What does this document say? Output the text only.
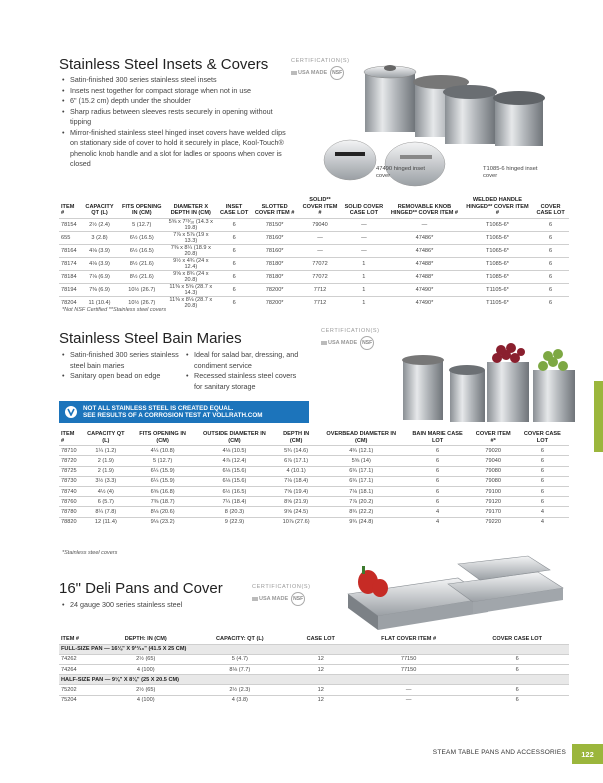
Stainless Steel Insets & Covers
• Satin-finished 300 series stainless steel insets
• Insets nest together for compact storage when not in use
• 6" (15.2 cm) depth under the shoulder
• Sharp radius between sleeves rests securely in opening without tipping
• Mirror-finished stainless steel hinged inset covers have welded clips on stationary side of cover to hold it securely in place, Kool-Touch® phenolic knob handle and a slot for ladles or spoons when cover is closed
CERTIFICATION(S)
USA MADE	NSF
47490 hinged inset cover
T1085-6 hinged inset cover
ITEM #	CAPACITY QT (L)	FITS OPENING IN (CM)	DIAMETER X DEPTH IN (CM)	INSET CASE LOT	SLOTTED COVER ITEM #	SOLID** COVER ITEM #	SOLID COVER CASE LOT	REMOVABLE KNOB HINGED** COVER ITEM #	WELDED HANDLE HINGED** COVER ITEM #	COVER CASE LOT
78154	2½ (2.4)	5 (12.7)	5⅝ x 7¹³⁄₁₆ (14.3 x 19.8)	6	78150*	79040	—	—	T1065-6*	6
655	3 (2.8)	6½ (16.5)	7⅞ x 5⅞ (19 x 13.3)	6	78160*	—	—	47486*	T1065-6*	6
78164	4⅛ (3.9)	6½ (16.5)	7⅜ x 8¼ (18.9 x 20.8)	6	78160*	—	—	47486*	T1065-6*	6
78174	4⅛ (3.9)	8½ (21.6)	9½ x 4¾ (24 x 12.4)	6	78180*	77072	1	47488*	T1085-6*	6
78184	7⅛ (6.9)	8½ (21.6)	9⅝ x 8¾ (24 x 20.8)	6	78180*	77072	1	47488*	T1085-6*	6
78194	7⅜ (6.9)	10½ (26.7)	11⅜ x 5⅝ (28.7 x 14.3)	6	78200*	7712	1	47490*	T1105-6*	6
78204	11 (10.4)	10½ (26.7)	11⅜ x 8⅛ (28.7 x 20.8)	6	78200*	7712	1	47490*	T1105-6*	6
*Not NSF Certified **Stainless steel covers
Stainless Steel Bain Maries
• Satin-finished 300 series stainless steel bain maries
• Sanitary open bead on edge
• Ideal for salad bar, dressing, and condiment service
• Recessed stainless steel covers for sanitary storage
CERTIFICATION(S)
USA MADE	NSF
NOT ALL STAINLESS STEEL IS CREATED EQUAL.
SEE RESULTS OF A CORROSION TEST AT VOLLRATH.COM
ITEM #	CAPACITY QT (L)	FITS OPENING IN (CM)	OUTSIDE DIAMETER IN (CM)	DEPTH IN (CM)	OVERBEAD DIAMETER IN (CM)	BAIN MARIE CASE LOT	COVER ITEM #*	COVER CASE LOT
78710	1¼ (1.2)	4¼ (10.8)	4⅛ (10.5)	5¾ (14.6)	4¾ (12.1)	6	79020	6
78720	2 (1.9)	5 (12.7)	4⅞ (12.4)	6⅞ (17.1)	5⅝ (14)	6	79040	6
78725	2 (1.9)	6¼ (15.9)	6⅛ (15.6)	4 (10.1)	6¾ (17.1)	6	79080	6
78730	3½ (3.3)	6¼ (15.9)	6⅛ (15.6)	7⅛ (18.4)	6¾ (17.1)	6	79080	6
78740	4½ (4)	6⅝ (16.8)	6½ (16.5)	7⅝ (19.4)	7⅛ (18.1)	6	79100	6
78760	6 (5.7)	7⅜ (18.7)	7¼ (18.4)	8⅝ (21.9)	7⅞ (20.2)	6	79120	6
78780	8¼ (7.8)	8⅛ (20.6)	8 (20.3)	9⅝ (24.5)	8¾ (22.2)	4	79170	4
78820	12 (11.4)	9⅛ (23.2)	9 (22.9)	10⅞ (27.6)	9¾ (24.8)	4	79220	4
*Stainless steel covers
16" Deli Pans and Cover
• 24 gauge 300 series stainless steel
CERTIFICATION(S)
USA MADE	NSF
ITEM #	DEPTH: IN (CM)	CAPACITY: QT (L)	CASE LOT	FLAT COVER ITEM #	COVER CASE LOT
FULL-SIZE PAN — 16⅛" X 9¹³⁄₁₆" (41.5 X 25 CM)					
74262	2½ (65)	5 (4.7)	12	77150	6
74264	4 (100)	8⅛ (7.7)	12	77150	6
HALF-SIZE PAN — 9⅛" X 8⅛" (25 X 20.5 CM)					
75202	2½ (65)	2½ (2.3)	12	—	6
75204	4 (100)	4 (3.8)	12	—	6
STEAM TABLE PANS AND ACCESSORIES	122
